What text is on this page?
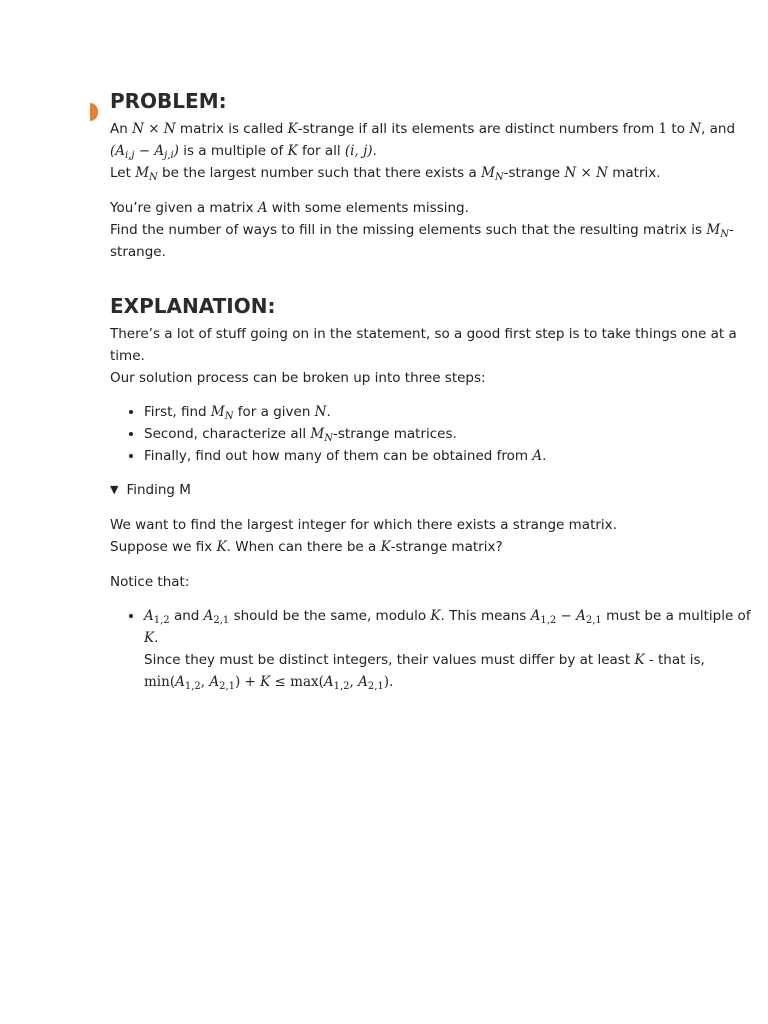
PROBLEM:

An N × N matrix is called K-strange if all its elements are distinct numbers from 1 to N, and $(A_{i,j} - A_{j,i})$ is a multiple of K for all (i, j).

Let $M_N$ be the largest number such that there exists a $M_N$-strange N × N matrix.

You’re given a matrix A with some elements missing.

Find the number of ways to fill in the missing elements such that the resulting matrix is $M_N$-strange.

EXPLANATION:

There’s a lot of stuff going on in the statement, so a good first step is to take things one at a time.

Our solution process can be broken up into three steps:

• First, find $M_N$ for a given N.
• Second, characterize all $M_N$-strange matrices.
• Finally, find out how many of them can be obtained from A.
▼ Finding M

We want to find the largest integer for which there exists a strange matrix.

Suppose we fix K. When can there be a K-strange matrix?

Notice that:

• $A_{1,2}$ and $A_{2,1}$ should be the same, modulo K. This means $A_{1,2} - A_{2,1}$ must be a multiple of K.
Since they must be distinct integers, their values must differ by at least K - that is,
$\min(A_{1,2}$, $A_{2,1}) + K \le \max(A_{1,2}$, $A_{2,1}$).
